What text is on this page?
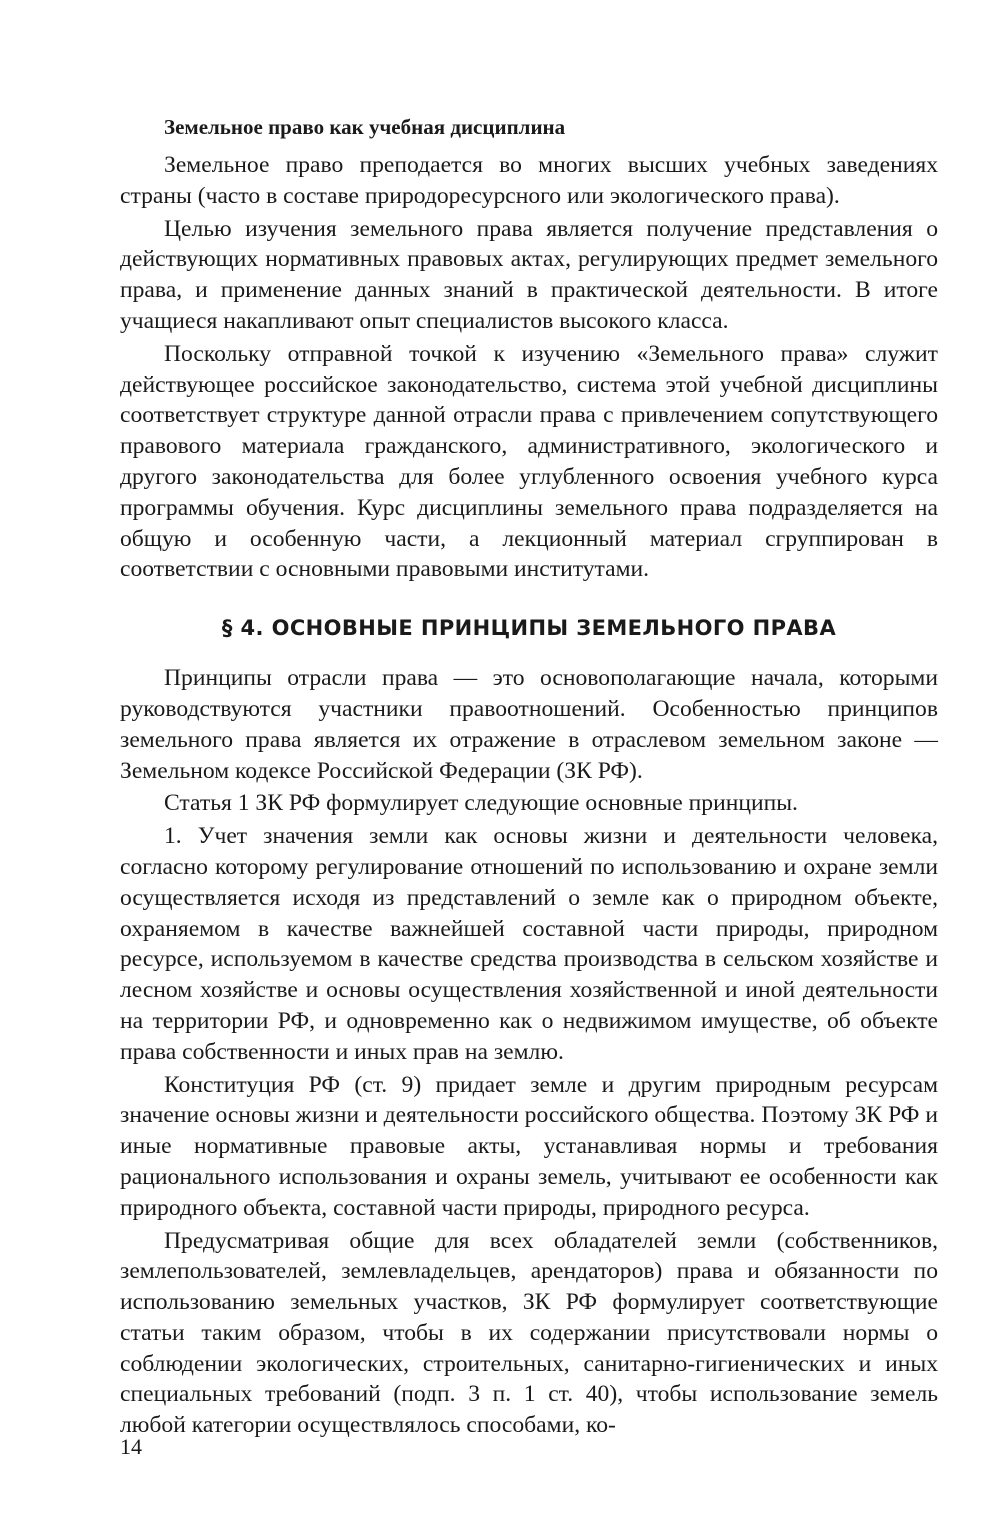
Земельное право как учебная дисциплина

Земельное право преподается во многих высших учебных заведениях страны (часто в составе природоресурсного или экологического права).

Целью изучения земельного права является получение представления о действующих нормативных правовых актах, регулирующих предмет земельного права, и применение данных знаний в практической деятельности. В итоге учащиеся накапливают опыт специалистов высокого класса.

Поскольку отправной точкой к изучению «Земельного права» служит действующее российское законодательство, система этой учебной дисциплины соответствует структуре данной отрасли права с привлечением сопутствующего правового материала гражданского, административного, экологического и другого законодательства для более углубленного освоения учебного курса программы обучения. Курс дисциплины земельного права подразделяется на общую и особенную части, а лекционный материал сгруппирован в соответствии с основными правовыми институтами.

§ 4. ОСНОВНЫЕ ПРИНЦИПЫ ЗЕМЕЛЬНОГО ПРАВА

Принципы отрасли права — это основополагающие начала, которыми руководствуются участники правоотношений. Особенностью принципов земельного права является их отражение в отраслевом земельном законе — Земельном кодексе Российской Федерации (ЗК РФ).

Статья 1 ЗК РФ формулирует следующие основные принципы.

1. Учет значения земли как основы жизни и деятельности человека, согласно которому регулирование отношений по использованию и охране земли осуществляется исходя из представлений о земле как о природном объекте, охраняемом в качестве важнейшей составной части природы, природном ресурсе, используемом в качестве средства производства в сельском хозяйстве и лесном хозяйстве и основы осуществления хозяйственной и иной деятельности на территории РФ, и одновременно как о недвижимом имуществе, об объекте права собственности и иных прав на землю.

Конституция РФ (ст. 9) придает земле и другим природным ресурсам значение основы жизни и деятельности российского общества. Поэтому ЗК РФ и иные нормативные правовые акты, устанавливая нормы и требования рационального использования и охраны земель, учитывают ее особенности как природного объекта, составной части природы, природного ресурса.

Предусматривая общие для всех обладателей земли (собственников, землепользователей, землевладельцев, арендаторов) права и обязанности по использованию земельных участков, ЗК РФ формулирует соответствующие статьи таким образом, чтобы в их содержании присутствовали нормы о соблюдении экологических, строительных, санитарно-гигиенических и иных специальных требований (подп. 3 п. 1 ст. 40), чтобы использование земель любой категории осуществлялось способами, ко-

14
